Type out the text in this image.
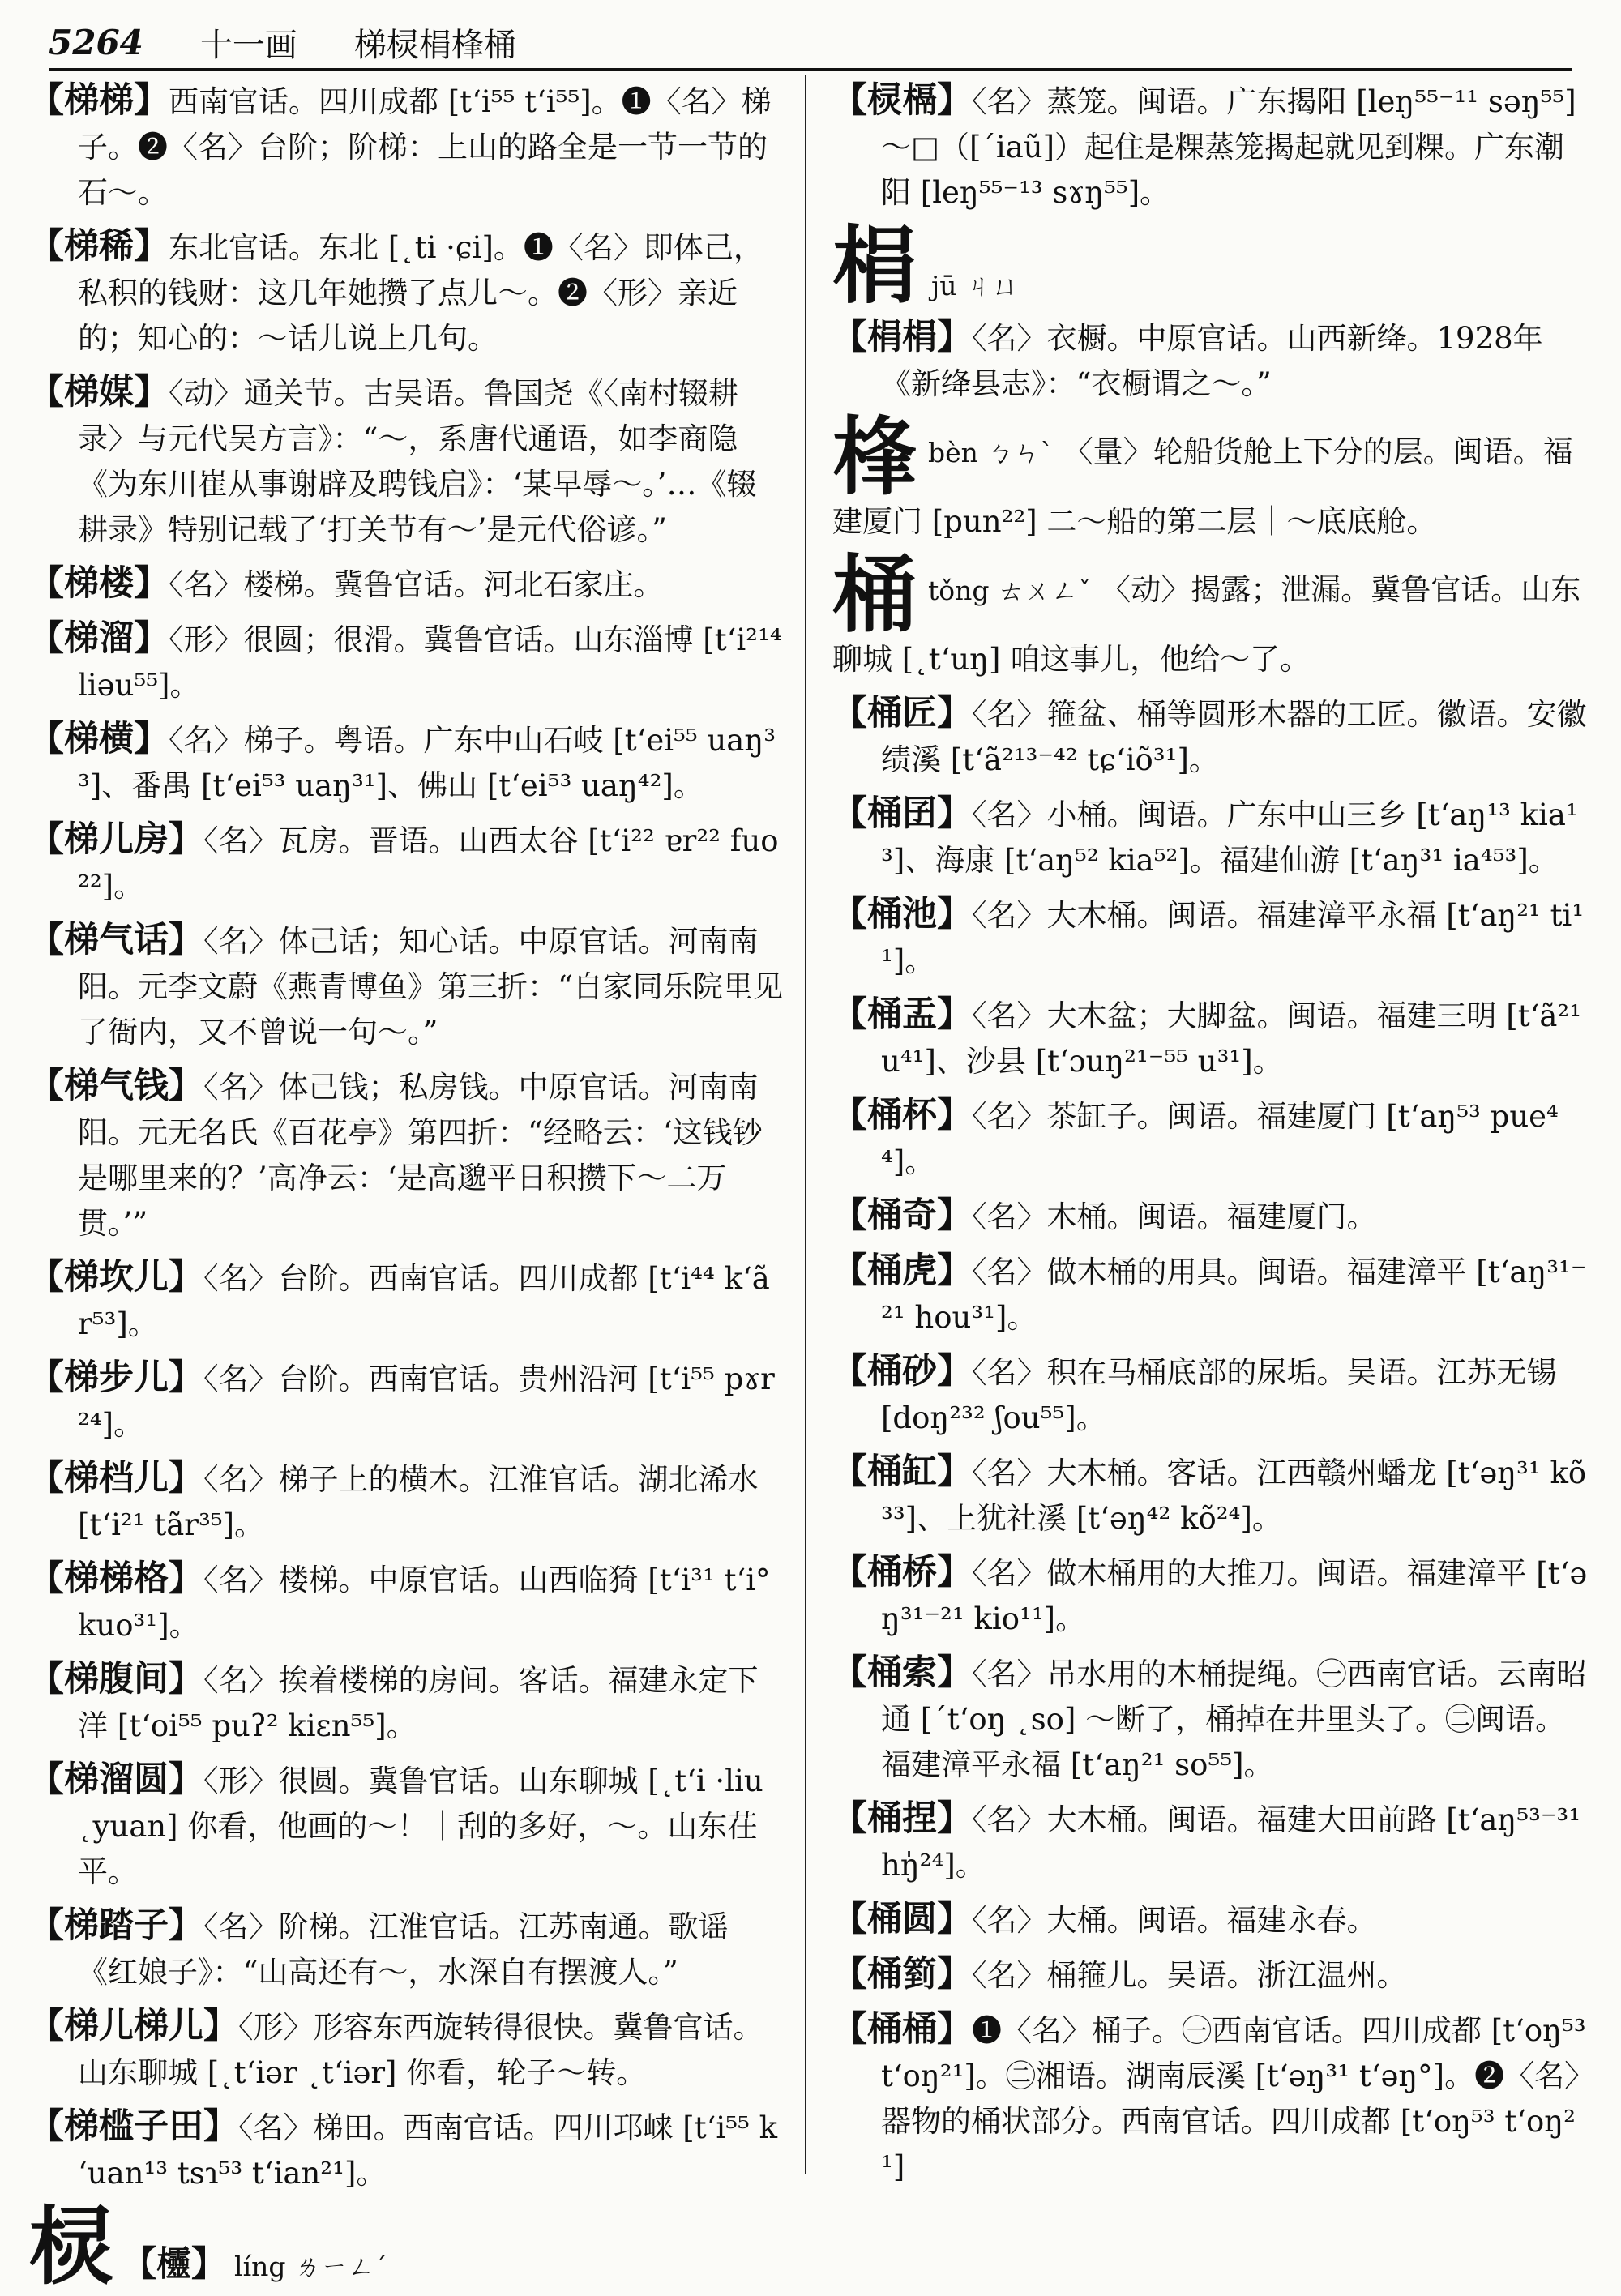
5264 十一画 梯棂梋桻桶
【梯梯】西南官话。四川成都 [tʻi⁵⁵ tʻi⁵⁵]。❶〈名〉梯子。❷〈名〉台阶；阶梯：上山的路全是一节一节的石～。
【梯稀】东北官话。东北 [˛ti ·ɕi]。❶〈名〉即体己，私积的钱财：这几年她攒了点儿～。❷〈形〉亲近的；知心的：～话儿说上几句。
【梯媒】〈动〉通关节。古吴语。鲁国尧《〈南村辍耕录〉与元代吴方言》：“～，系唐代通语，如李商隐《为东川崔从事谢辟及聘钱启》：‘某早辱～。’…《辍耕录》特别记载了‘打关节有～’是元代俗谚。”
【梯楼】〈名〉楼梯。冀鲁官话。河北石家庄。
【梯溜】〈形〉很圆；很滑。冀鲁官话。山东淄博 [tʻi²¹⁴ liəu⁵⁵]。
【梯横】〈名〉梯子。粤语。广东中山石岐 [tʻei⁵⁵ uaŋ³³]、番禺 [tʻei⁵³ uaŋ³¹]、佛山 [tʻei⁵³ uaŋ⁴²]。
【梯儿房】〈名〉瓦房。晋语。山西太谷 [tʻi²² ɐr²² fuo²²]。
【梯气话】〈名〉体己话；知心话。中原官话。河南南阳。元李文蔚《燕青博鱼》第三折：“自家同乐院里见了衙内，又不曾说一句～。”
【梯气钱】〈名〉体己钱；私房钱。中原官话。河南南阳。元无名氏《百花亭》第四折：“经略云：‘这钱钞是哪里来的？’高净云：‘是高邈平日积攒下～二万贯。’”
【梯坎儿】〈名〉台阶。西南官话。四川成都 [tʻi⁴⁴ kʻãr⁵³]。
【梯步儿】〈名〉台阶。西南官话。贵州沿河 [tʻi⁵⁵ pɤr²⁴]。
【梯档儿】〈名〉梯子上的横木。江淮官话。湖北浠水 [tʻi²¹ tãr³⁵]。
【梯梯格】〈名〉楼梯。中原官话。山西临猗 [tʻi³¹ tʻi° kuo³¹]。
【梯腹间】〈名〉挨着楼梯的房间。客话。福建永定下洋 [tʻoi⁵⁵ puʔ² kiɛn⁵⁵]。
【梯溜圆】〈形〉很圆。冀鲁官话。山东聊城 [˛tʻi ·liu ˛yuan] 你看，他画的～！｜刮的多好，～。山东茌平。
【梯踏子】〈名〉阶梯。江淮官话。江苏南通。歌谣《红娘子》：“山高还有～，水深自有摆渡人。”
【梯儿梯儿】〈形〉形容东西旋转得很快。冀鲁官话。山东聊城 [˛tʻiər ˛tʻiər] 你看，轮子～转。
【梯槛子田】〈名〉梯田。西南官话。四川邛崃 [tʻi⁵⁵ kʻuan¹³ tsɿ⁵³ tʻian²¹]。
棂 【欞】 líng ㄌㄧㄥˊ
【棂槅】〈名〉蒸笼。闽语。广东揭阳 [leŋ⁵⁵⁻¹¹ səŋ⁵⁵] ～□（[ˊiaũ]）起住是粿蒸笼揭起就见到粿。广东潮阳 [leŋ⁵⁵⁻¹³ sɤŋ⁵⁵]。
梋 jū ㄐㄩ
【梋梋】〈名〉衣橱。中原官话。山西新绛。1928年《新绛县志》：“衣橱谓之～。”
桻bèn ㄅㄣˋ 〈量〉轮船货舱上下分的层。闽语。福建厦门 [pun²²] 二～船的第二层｜～底底舱。
桶tǒng ㄊㄨㄥˇ 〈动〉揭露；泄漏。冀鲁官话。山东聊城 [˛tʻuŋ] 咱这事儿，他给～了。
【桶匠】〈名〉箍盆、桶等圆形木器的工匠。徽语。安徽绩溪 [tʻã²¹³⁻⁴² tɕʻiõ³¹]。
【桶囝】〈名〉小桶。闽语。广东中山三乡 [tʻaŋ¹³ kia¹³]、海康 [tʻaŋ⁵² kia⁵²]。福建仙游 [tʻaŋ³¹ ia⁴⁵³]。
【桶池】〈名〉大木桶。闽语。福建漳平永福 [tʻaŋ²¹ ti¹¹]。
【桶盂】〈名〉大木盆；大脚盆。闽语。福建三明 [tʻã²¹ u⁴¹]、沙县 [tʻɔuŋ²¹⁻⁵⁵ u³¹]。
【桶杯】〈名〉茶缸子。闽语。福建厦门 [tʻaŋ⁵³ pue⁴⁴]。
【桶奇】〈名〉木桶。闽语。福建厦门。
【桶虎】〈名〉做木桶的用具。闽语。福建漳平 [tʻaŋ³¹⁻²¹ hou³¹]。
【桶砂】〈名〉积在马桶底部的尿垢。吴语。江苏无锡 [doŋ²³² ʃou⁵⁵]。
【桶缸】〈名〉大木桶。客话。江西赣州蟠龙 [tʻəŋ³¹ kõ³³]、上犹社溪 [tʻəŋ⁴² kõ²⁴]。
【桶桥】〈名〉做木桶用的大推刀。闽语。福建漳平 [tʻəŋ³¹⁻²¹ kio¹¹]。
【桶索】〈名〉吊水用的木桶提绳。㊀西南官话。云南昭通 [ˊtʻoŋ ˛so] ～断了，桶掉在井里头了。㊁闽语。福建漳平永福 [tʻaŋ²¹ so⁵⁵]。
【桶捏】〈名〉大木桶。闽语。福建大田前路 [tʻaŋ⁵³⁻³¹ hŋ̍²⁴]。
【桶圆】〈名〉大桶。闽语。福建永春。
【桶箌】〈名〉桶箍儿。吴语。浙江温州。
【桶桶】❶〈名〉桶子。㊀西南官话。四川成都 [tʻoŋ⁵³ tʻoŋ²¹]。㊁湘语。湖南辰溪 [tʻəŋ³¹ tʻəŋ°]。❷〈名〉器物的桶状部分。西南官话。四川成都 [tʻoŋ⁵³ tʻoŋ²¹]
